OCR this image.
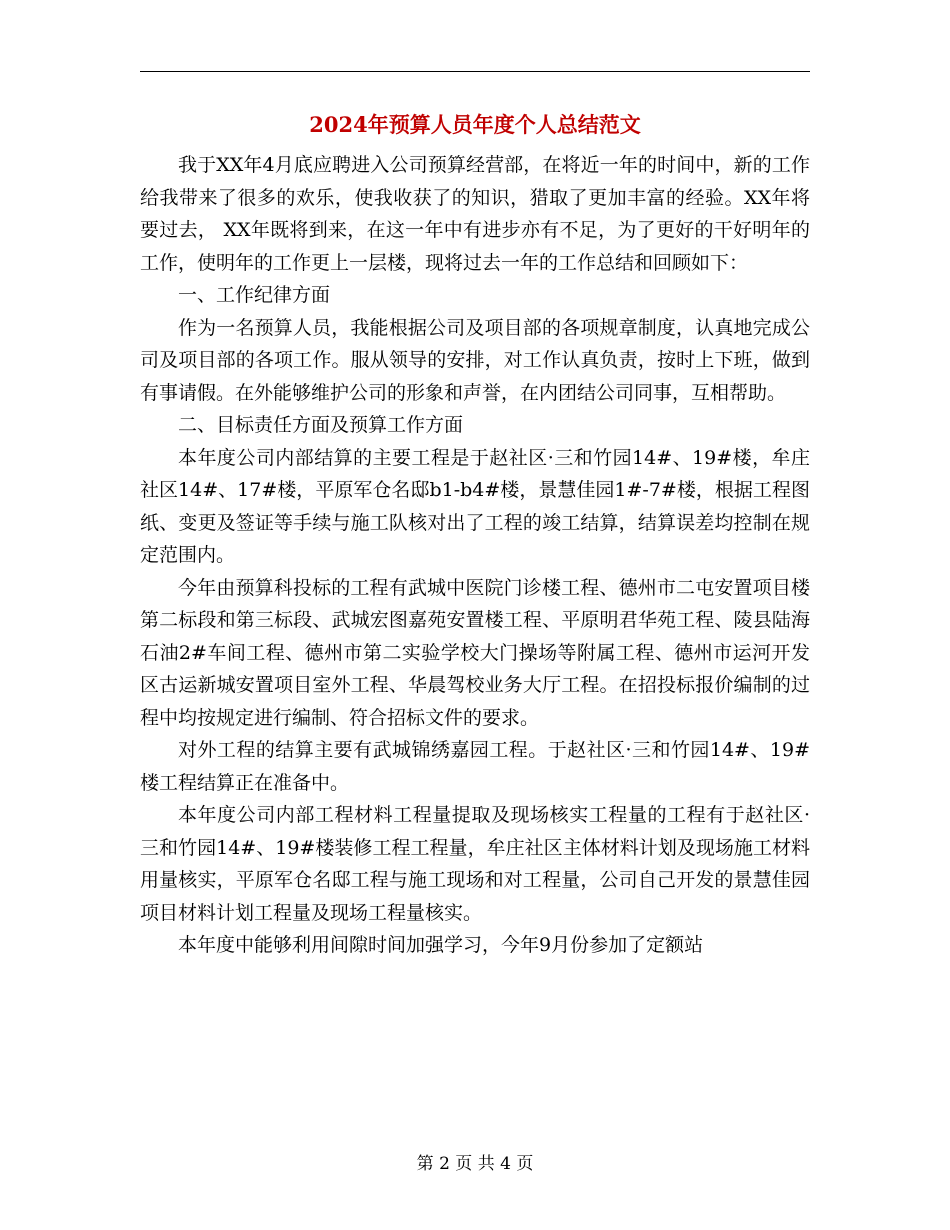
2024年预算人员年度个人总结范文

我于XX年4月底应聘进入公司预算经营部，在将近一年的时间中，新的工作给我带来了很多的欢乐，使我收获了的知识，猎取了更加丰富的经验。XX年将要过去， XX年既将到来，在这一年中有进步亦有不足，为了更好的干好明年的工作，使明年的工作更上一层楼，现将过去一年的工作总结和回顾如下：

一、工作纪律方面

作为一名预算人员，我能根据公司及项目部的各项规章制度，认真地完成公司及项目部的各项工作。服从领导的安排，对工作认真负责，按时上下班，做到有事请假。在外能够维护公司的形象和声誉，在内团结公司同事，互相帮助。

二、目标责任方面及预算工作方面

本年度公司内部结算的主要工程是于赵社区·三和竹园14#、19#楼，牟庄社区14#、17#楼，平原军仓名邸b1-b4#楼，景慧佳园1#-7#楼，根据工程图纸、变更及签证等手续与施工队核对出了工程的竣工结算，结算误差均控制在规定范围内。

今年由预算科投标的工程有武城中医院门诊楼工程、德州市二屯安置项目楼第二标段和第三标段、武城宏图嘉苑安置楼工程、平原明君华苑工程、陵县陆海石油2#车间工程、德州市第二实验学校大门操场等附属工程、德州市运河开发区古运新城安置项目室外工程、华晨驾校业务大厅工程。在招投标报价编制的过程中均按规定进行编制、符合招标文件的要求。

对外工程的结算主要有武城锦绣嘉园工程。于赵社区·三和竹园14#、19#楼工程结算正在准备中。

本年度公司内部工程材料工程量提取及现场核实工程量的工程有于赵社区·三和竹园14#、19#楼装修工程工程量，牟庄社区主体材料计划及现场施工材料用量核实，平原军仓名邸工程与施工现场和对工程量，公司自己开发的景慧佳园项目材料计划工程量及现场工程量核实。

本年度中能够利用间隙时间加强学习，今年9月份参加了定额站

第 2 页 共 4 页
